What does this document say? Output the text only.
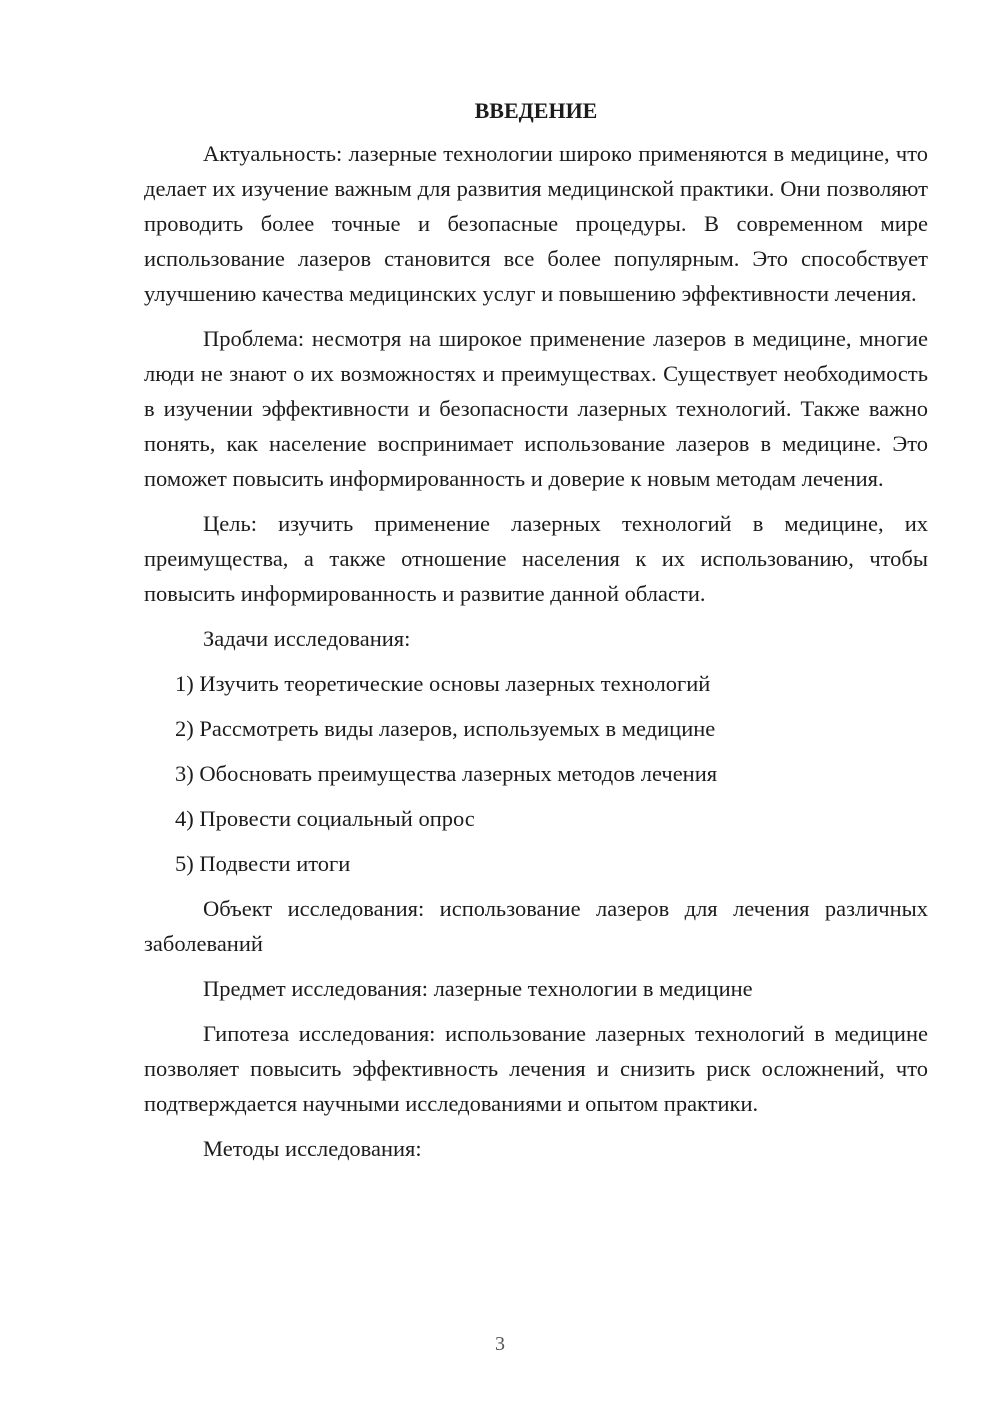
ВВЕДЕНИЕ

Актуальность: лазерные технологии широко применяются в медицине, что делает их изучение важным для развития медицинской практики. Они позволяют проводить более точные и безопасные процедуры. В современном мире использование лазеров становится все более популярным. Это способствует улучшению качества медицинских услуг и повышению эффективности лечения.

Проблема: несмотря на широкое применение лазеров в медицине, многие люди не знают о их возможностях и преимуществах. Существует необходимость в изучении эффективности и безопасности лазерных технологий. Также важно понять, как население воспринимает использование лазеров в медицине. Это поможет повысить информированность и доверие к новым методам лечения.

Цель: изучить применение лазерных технологий в медицине, их преимущества, а также отношение населения к их использованию, чтобы повысить информированность и развитие данной области.

Задачи исследования:

1) Изучить теоретические основы лазерных технологий
2) Рассмотреть виды лазеров, используемых в медицине
3) Обосновать преимущества лазерных методов лечения
4) Провести социальный опрос
5) Подвести итоги

Объект исследования: использование лазеров для лечения различных заболеваний

Предмет исследования: лазерные технологии в медицине

Гипотеза исследования: использование лазерных технологий в медицине позволяет повысить эффективность лечения и снизить риск осложнений, что подтверждается научными исследованиями и опытом практики.

Методы исследования:

3
